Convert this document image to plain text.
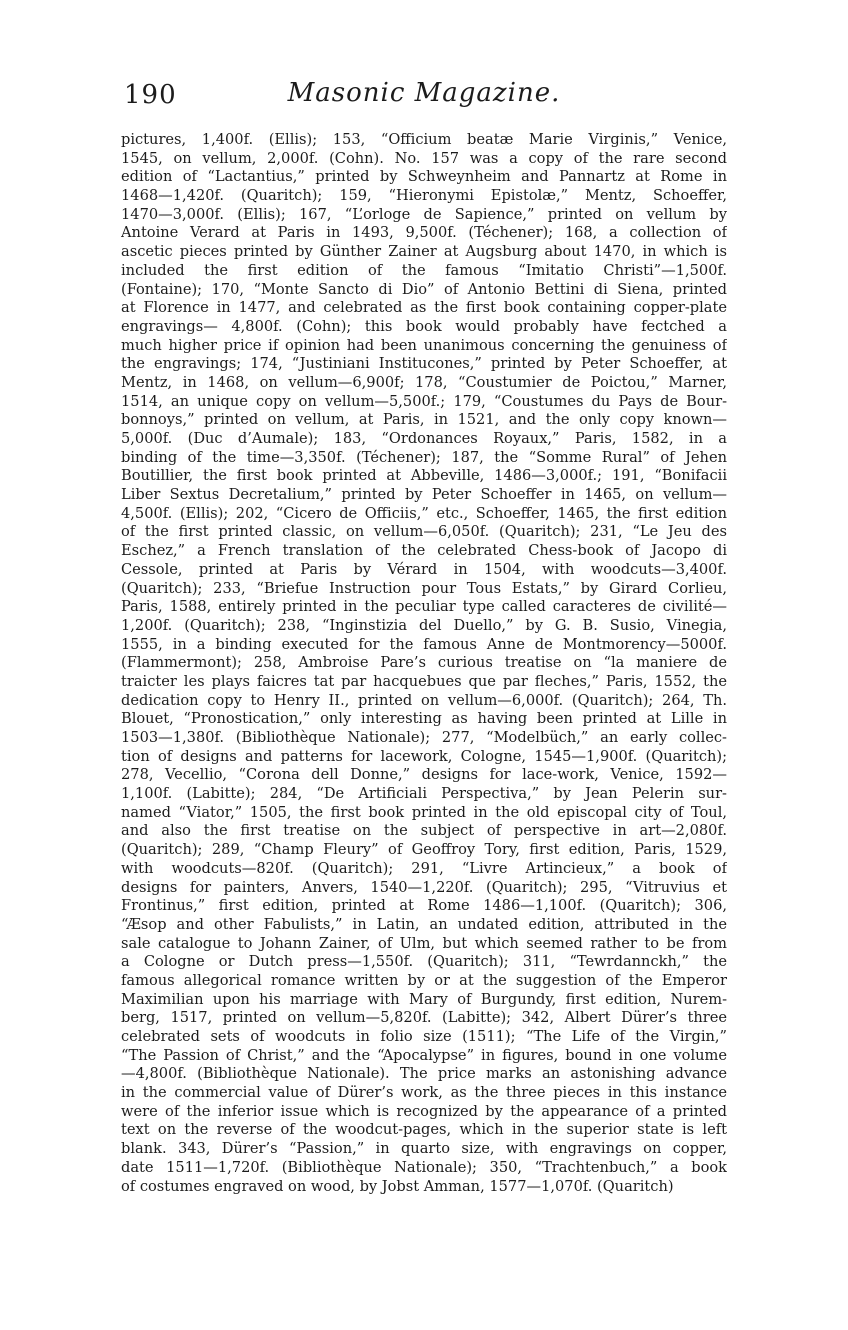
190	Masonic Magazine.
pictures, 1,400f. (Ellis); 153, “Officium beatæ Marie Virginis,” Venice,
1545, on vellum, 2,000f. (Cohn). No. 157 was a copy of the rare second
edition of “Lactantius,” printed by Schweynheim and Pannartz at Rome in
1468—1,420f. (Quaritch); 159, “Hieronymi Epistolæ,” Mentz, Schoeffer,
1470—3,000f. (Ellis); 167, “L’orloge de Sapience,” printed on vellum by
Antoine Verard at Paris in 1493, 9,500f. (Téchener); 168, a collection of
ascetic pieces printed by Günther Zainer at Augsburg about 1470, in which is
included the first edition of the famous “Imitatio Christi”—1,500f.
(Fontaine); 170, “Monte Sancto di Dio” of Antonio Bettini di Siena, printed
at Florence in 1477, and celebrated as the first book containing copper-plate
engravings— 4,800f. (Cohn); this book would probably have fectched a
much higher price if opinion had been unanimous concerning the genuiness of
the engravings; 174, “Justiniani Institucones,” printed by Peter Schoeffer, at
Mentz, in 1468, on vellum—6,900f; 178, “Coustumier de Poictou,” Marner,
1514, an unique copy on vellum—5,500f.; 179, “Coustumes du Pays de Bour-
bonnoys,” printed on vellum, at Paris, in 1521, and the only copy known—
5,000f. (Duc d’Aumale); 183, “Ordonances Royaux,” Paris, 1582, in a
binding of the time—3,350f. (Téchener); 187, the “Somme Rural” of Jehen
Boutillier, the first book printed at Abbeville, 1486—3,000f.; 191, “Bonifacii
Liber Sextus Decretalium,” printed by Peter Schoeffer in 1465, on vellum—
4,500f. (Ellis); 202, “Cicero de Officiis,” etc., Schoeffer, 1465, the first edition
of the first printed classic, on vellum—6,050f. (Quaritch); 231, “Le Jeu des
Eschez,” a French translation of the celebrated Chess-book of Jacopo di
Cessole, printed at Paris by Vérard in 1504, with woodcuts—3,400f.
(Quaritch); 233, “Briefue Instruction pour Tous Estats,” by Girard Corlieu,
Paris, 1588, entirely printed in the peculiar type called caracteres de civilité—
1,200f. (Quaritch); 238, “Inginstizia del Duello,” by G. B. Susio, Vinegia,
1555, in a binding executed for the famous Anne de Montmorency—5000f.
(Flammermont); 258, Ambroise Pare’s curious treatise on “la maniere de
traicter les plays faicres tat par hacquebues que par fleches,” Paris, 1552, the
dedication copy to Henry II., printed on vellum—6,000f. (Quaritch); 264, Th.
Blouet, “Pronostication,” only interesting as having been printed at Lille in
1503—1,380f. (Bibliothèque Nationale); 277, “Modelbüch,” an early collec-
tion of designs and patterns for lacework, Cologne, 1545—1,900f. (Quaritch);
278, Vecellio, “Corona dell Donne,” designs for lace-work, Venice, 1592—
1,100f. (Labitte); 284, “De Artificiali Perspectiva,” by Jean Pelerin sur-
named “Viator,” 1505, the first book printed in the old episcopal city of Toul,
and also the first treatise on the subject of perspective in art—2,080f.
(Quaritch); 289, “Champ Fleury” of Geoffroy Tory, first edition, Paris, 1529,
with woodcuts—820f. (Quaritch); 291, “Livre Artincieux,” a book of
designs for painters, Anvers, 1540—1,220f. (Quaritch); 295, “Vitruvius et
Frontinus,” first edition, printed at Rome 1486—1,100f. (Quaritch); 306,
“Æsop and other Fabulists,” in Latin, an undated edition, attributed in the
sale catalogue to Johann Zainer, of Ulm, but which seemed rather to be from
a Cologne or Dutch press—1,550f. (Quaritch); 311, “Tewrdannckh,” the
famous allegorical romance written by or at the suggestion of the Emperor
Maximilian upon his marriage with Mary of Burgundy, first edition, Nurem-
berg, 1517, printed on vellum—5,820f. (Labitte); 342, Albert Dürer’s three
celebrated sets of woodcuts in folio size (1511); “The Life of the Virgin,”
“The Passion of Christ,” and the “Apocalypse” in figures, bound in one volume
—4,800f. (Bibliothèque Nationale). The price marks an astonishing advance
in the commercial value of Dürer’s work, as the three pieces in this instance
were of the inferior issue which is recognized by the appearance of a printed
text on the reverse of the woodcut-pages, which in the superior state is left
blank. 343, Dürer’s “Passion,” in quarto size, with engravings on copper,
date 1511—1,720f. (Bibliothèque Nationale); 350, “Trachtenbuch,” a book
of costumes engraved on wood, by Jobst Amman, 1577—1,070f. (Quaritch)
